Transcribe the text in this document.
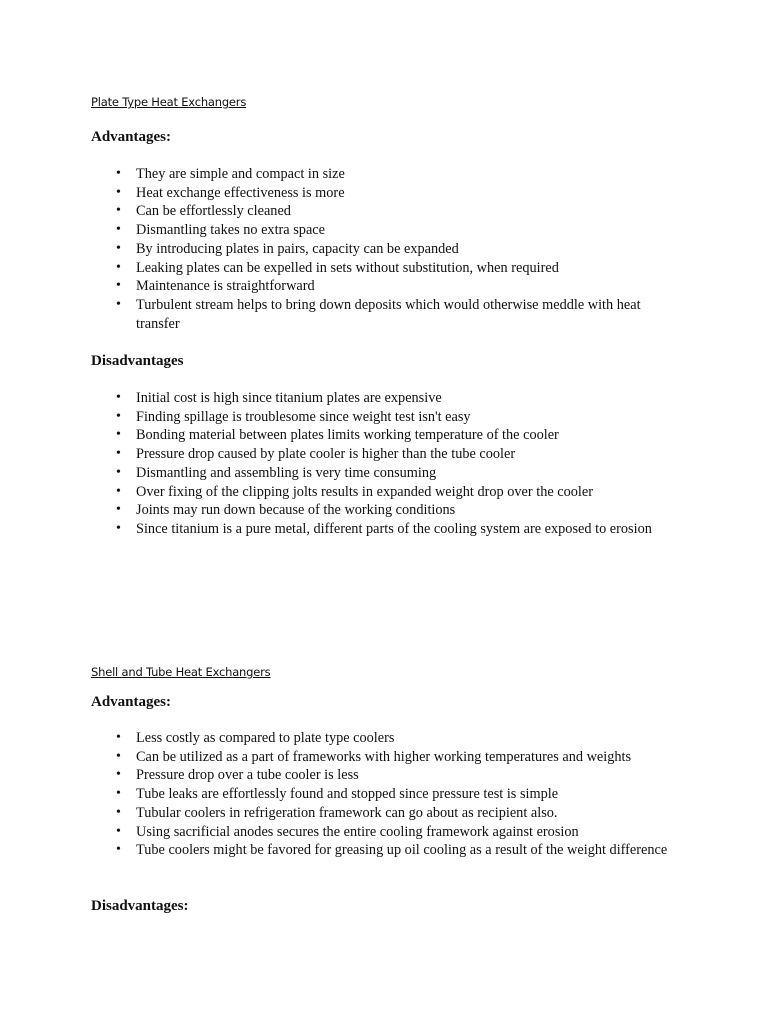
Plate Type Heat Exchangers
Advantages:
• They are simple and compact in size
• Heat exchange effectiveness is more
• Can be effortlessly cleaned
• Dismantling takes no extra space
• By introducing plates in pairs, capacity can be expanded
• Leaking plates can be expelled in sets without substitution, when required
• Maintenance is straightforward
• Turbulent stream helps to bring down deposits which would otherwise meddle with heat transfer
Disadvantages
• Initial cost is high since titanium plates are expensive
• Finding spillage is troublesome since weight test isn't easy
• Bonding material between plates limits working temperature of the cooler
• Pressure drop caused by plate cooler is higher than the tube cooler
• Dismantling and assembling is very time consuming
• Over fixing of the clipping jolts results in expanded weight drop over the cooler
• Joints may run down because of the working conditions
• Since titanium is a pure metal, different parts of the cooling system are exposed to erosion
Shell and Tube Heat Exchangers
Advantages:
• Less costly as compared to plate type coolers
• Can be utilized as a part of frameworks with higher working temperatures and weights
• Pressure drop over a tube cooler is less
• Tube leaks are effortlessly found and stopped since pressure test is simple
• Tubular coolers in refrigeration framework can go about as recipient also.
• Using sacrificial anodes secures the entire cooling framework against erosion
• Tube coolers might be favored for greasing up oil cooling as a result of the weight difference
Disadvantages:
